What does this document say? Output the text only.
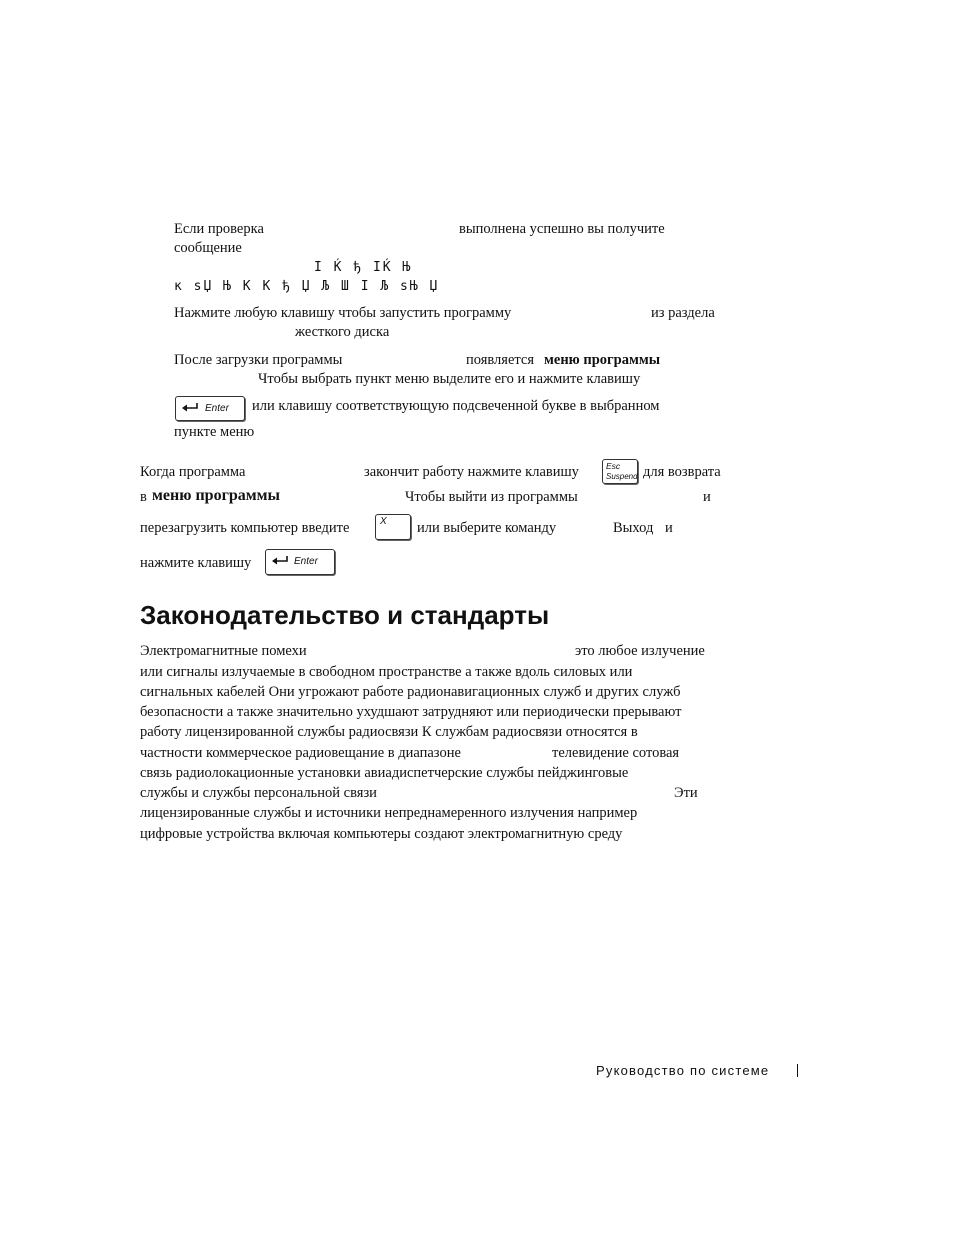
Если проверка	выполнена успешно вы получите
сообщение
I Ḱ ђ IḰ Њ
к sЏ Њ К К ђ Џ Љ Ш I Љ sЊ Џ
Нажмите любую клавишу чтобы запустить программу	из раздела
жесткого диска
После загрузки программы	появляется меню программы
Чтобы выбрать пункт меню выделите его и нажмите клавишу
Enter или клавишу соответствующую подсвеченной букве в выбранном
пункте меню
Когда программа	закончит работу нажмите клавишу	Esc
Suspend для возврата
в меню программы	Чтобы выйти из программы	и
перезагрузить компьютер введите	X или выберите команду	Выход и
нажмите клавишу	Enter
Законодательство и стандарты
Электромагнитные помехи	это любое излучение
или сигналы излучаемые в свободном пространстве а также вдоль силовых или
сигнальных кабелей Они угрожают работе радионавигационных служб и других служб
безопасности а также значительно ухудшают затрудняют или периодически прерывают
работу лицензированной службы радиосвязи К службам радиосвязи относятся в
частности коммерческое радиовещание в диапазоне	телевидение сотовая
связь радиолокационные установки авиадиспетчерские службы пейджинговые
службы и службы персональной связи	Эти
лицензированные службы и источники непреднамеренного излучения например
цифровые устройства включая компьютеры создают электромагнитную среду
Руководство по системе
